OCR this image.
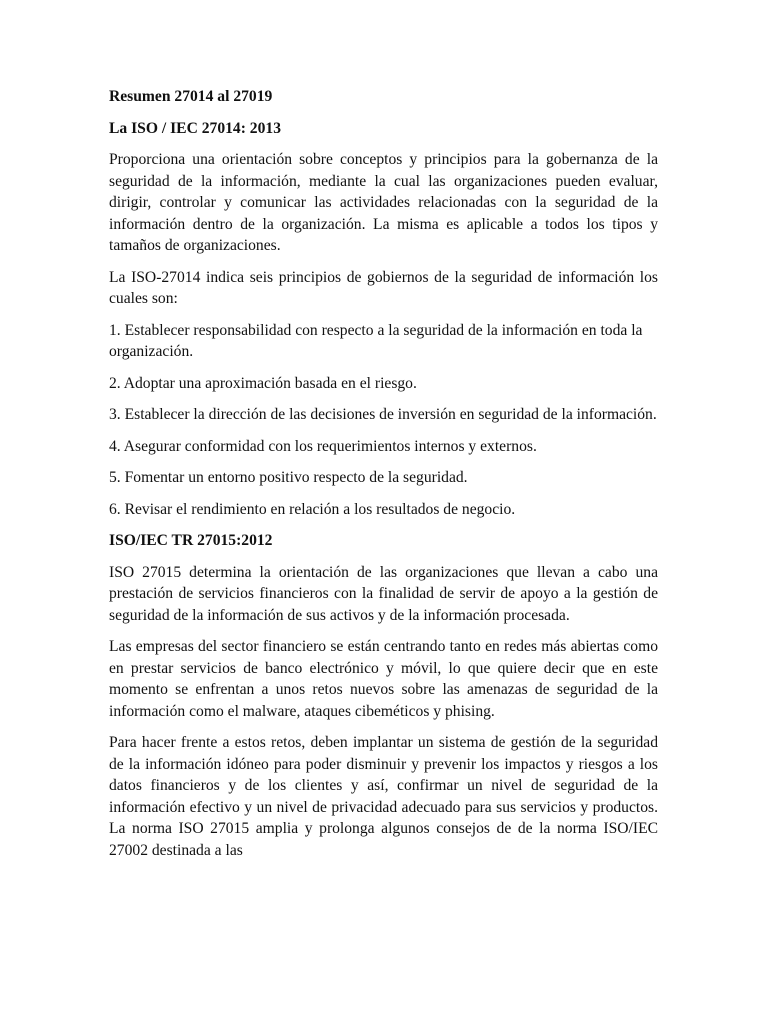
Resumen 27014 al 27019
La ISO / IEC 27014: 2013
Proporciona una orientación sobre conceptos y principios para la gobernanza de la seguridad de la información, mediante la cual las organizaciones pueden evaluar, dirigir, controlar y comunicar las actividades relacionadas con la seguridad de la información dentro de la organización. La misma es aplicable a todos los tipos y tamaños de organizaciones.
La ISO-27014 indica seis principios de gobiernos de la seguridad de información los cuales son:
1. Establecer responsabilidad con respecto a la seguridad de la información en toda la organización.
2. Adoptar una aproximación basada en el riesgo.
3. Establecer la dirección de las decisiones de inversión en seguridad de la información.
4. Asegurar conformidad con los requerimientos internos y externos.
5. Fomentar un entorno positivo respecto de la seguridad.
6. Revisar el rendimiento en relación a los resultados de negocio.
ISO/IEC TR 27015:2012
ISO 27015 determina la orientación de las organizaciones que llevan a cabo una prestación de servicios financieros con la finalidad de servir de apoyo a la gestión de seguridad de la información de sus activos y de la información procesada.
Las empresas del sector financiero se están centrando tanto en redes más abiertas como en prestar servicios de banco electrónico y móvil, lo que quiere decir que en este momento se enfrentan a unos retos nuevos sobre las amenazas de seguridad de la información como el malware, ataques cibeméticos y phising.
Para hacer frente a estos retos, deben implantar un sistema de gestión de la seguridad de la información idóneo para poder disminuir y prevenir los impactos y riesgos a los datos financieros y de los clientes y así, confirmar un nivel de seguridad de la información efectivo y un nivel de privacidad adecuado para sus servicios y productos. La norma ISO 27015 amplia y prolonga algunos consejos de de la norma ISO/IEC 27002 destinada a las
